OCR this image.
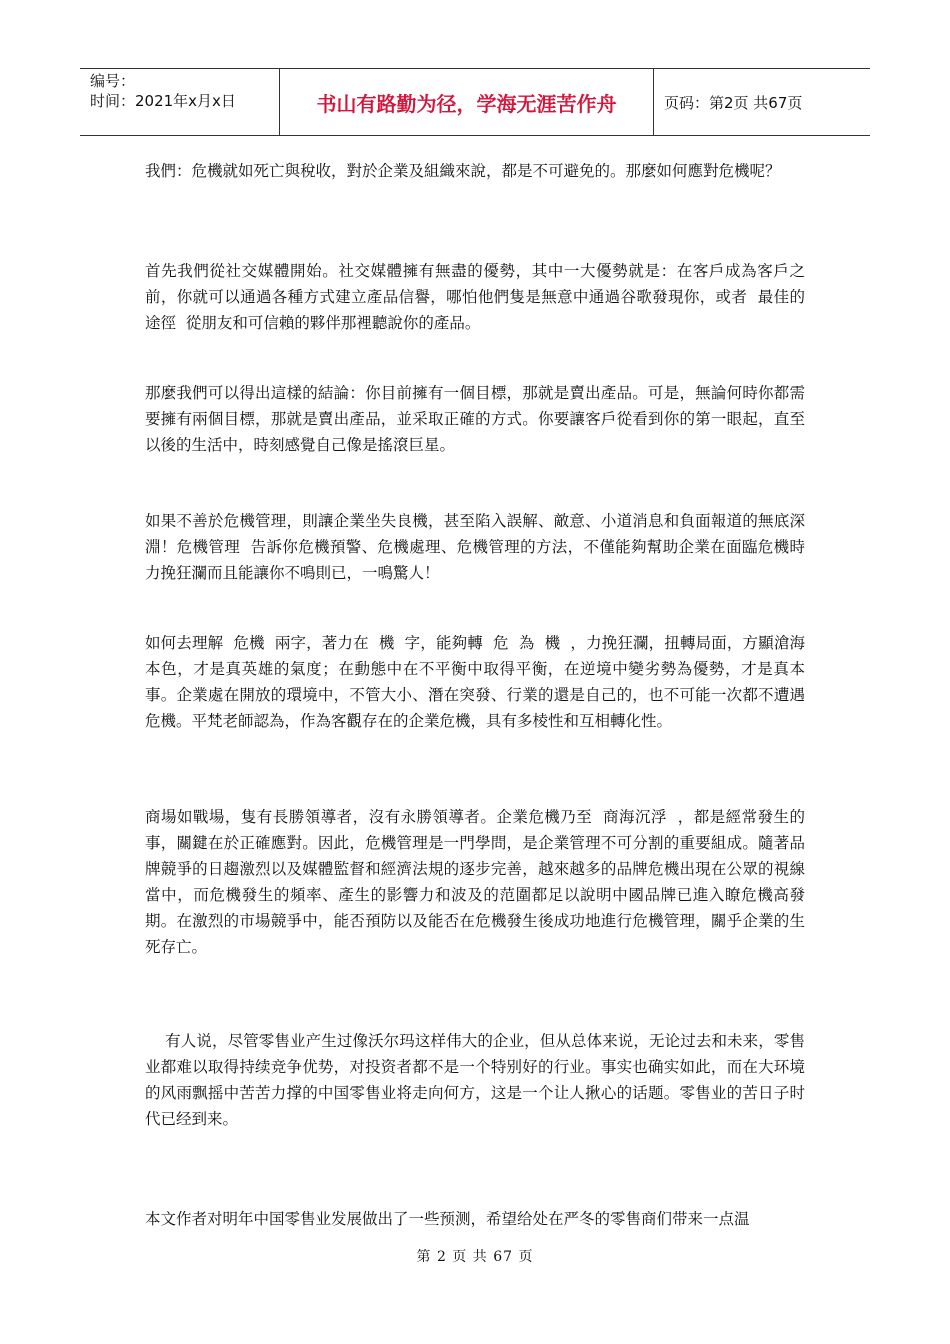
编号：
时间：2021年x月x日	书山有路勤为径，学海无涯苦作舟	页码：第2页 共67页

我們：危機就如死亡與稅收，對於企業及組織來說，都是不可避免的。那麼如何應對危機呢？

首先我們從社交媒體開始。社交媒體擁有無盡的優勢，其中一大優勢就是：在客戶成為客戶之前，你就可以通過各種方式建立產品信譽，哪怕他們隻是無意中通過谷歌發現你，或者  最佳的途徑  從朋友和可信賴的夥伴那裡聽說你的產品。

那麼我們可以得出這樣的結論：你目前擁有一個目標，那就是賣出產品。可是，無論何時你都需要擁有兩個目標，那就是賣出產品，並采取正確的方式。你要讓客戶從看到你的第一眼起，直至以後的生活中，時刻感覺自己像是搖滾巨星。

如果不善於危機管理，則讓企業坐失良機，甚至陷入誤解、敵意、小道消息和負面報道的無底深淵！危機管理  告訴你危機預警、危機處理、危機管理的方法，不僅能夠幫助企業在面臨危機時力挽狂瀾而且能讓你不鳴則已，一鳴驚人！

如何去理解  危機  兩字，著力在  機  字，能夠轉  危  為  機  ，力挽狂瀾，扭轉局面，方顯滄海本色，才是真英雄的氣度；在動態中在不平衡中取得平衡，在逆境中變劣勢為優勢，才是真本事。企業處在開放的環境中，不管大小、潛在突發、行業的還是自己的，也不可能一次都不遭遇危機。平梵老師認為，作為客觀存在的企業危機，具有多棱性和互相轉化性。

商場如戰場，隻有長勝領導者，沒有永勝領導者。企業危機乃至  商海沉浮  ，都是經常發生的事，關鍵在於正確應對。因此，危機管理是一門學問，是企業管理不可分割的重要組成。隨著品牌競爭的日趨激烈以及媒體監督和經濟法規的逐步完善，越來越多的品牌危機出現在公眾的視線當中，而危機發生的頻率、產生的影響力和波及的范圍都足以說明中國品牌已進入瞭危機高發期。在激烈的市場競爭中，能否預防以及能否在危機發生後成功地進行危機管理，關乎企業的生死存亡。

有人说，尽管零售业产生过像沃尔玛这样伟大的企业，但从总体来说，无论过去和未来，零售业都难以取得持续竞争优势，对投资者都不是一个特别好的行业。事实也确实如此，而在大环境的风雨飘摇中苦苦力撑的中国零售业将走向何方，这是一个让人揪心的话题。零售业的苦日子时代已经到来。

本文作者对明年中国零售业发展做出了一些预测，希望给处在严冬的零售商们带来一点温

第 2 页 共 67 页
